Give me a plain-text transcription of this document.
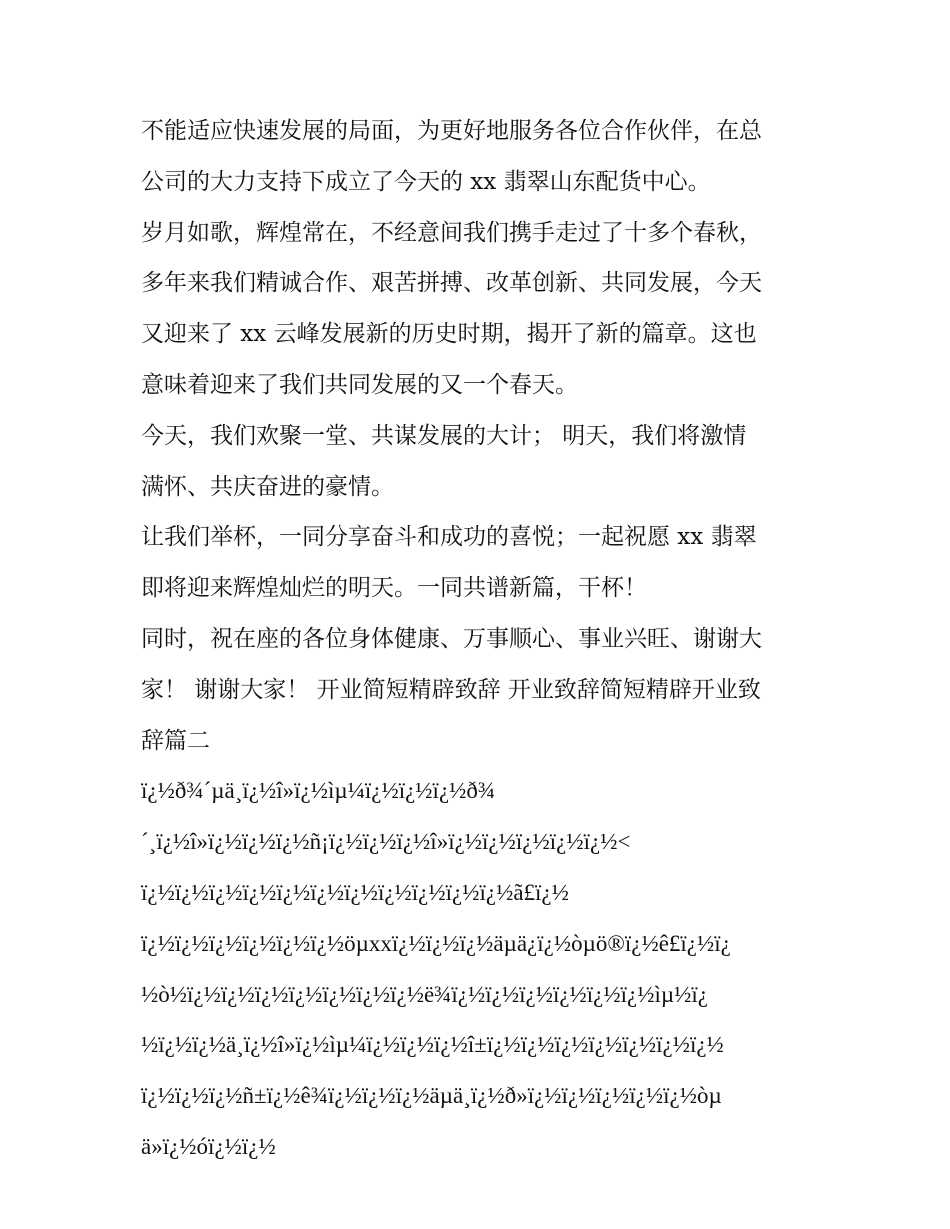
不能适应快速发展的局面，为更好地服务各位合作伙伴，在总
公司的大力支持下成立了今天的 xx 翡翠山东配货中心。
岁月如歌，辉煌常在，不经意间我们携手走过了十多个春秋，
多年来我们精诚合作、艰苦拼搏、改革创新、共同发展，今天
又迎来了 xx 云峰发展新的历史时期，揭开了新的篇章。这也
意味着迎来了我们共同发展的又一个春天。
今天，我们欢聚一堂、共谋发展的大计； 明天，我们将激情
满怀、共庆奋进的豪情。
让我们举杯，一同分享奋斗和成功的喜悦；一起祝愿 xx 翡翠
即将迎来辉煌灿烂的明天。一同共谱新篇，干杯！
同时，祝在座的各位身体健康、万事顺心、事业兴旺、谢谢大
家！ 谢谢大家！ 开业简短精辟致辞 开业致辞简短精辟开业致
辞篇二
ï¿½ð¾´µä¸ï¿½î»ï¿½ìµ¼ï¿½ï¿½ï¿½ð¾
´¸ï¿½î»ï¿½ï¿½ï¿½ñ¡ï¿½ï¿½ï¿½î»ï¿½ï¿½ï¿½ï¿½ï¿½<
ï¿½ï¿½ï¿½ï¿½ï¿½ï¿½ï¿½ï¿½ï¿½ï¿½ï¿½ã£ï¿½
ï¿½ï¿½ï¿½ï¿½ï¿½ï¿½öµxxï¿½ï¿½ï¿½äµä¿ï¿½òµö®ï¿½ê£ï¿½ï¿
½ò½ï¿½ï¿½ï¿½ï¿½ï¿½ï¿½ï¿½ë¾ï¿½ï¿½ï¿½ï¿½ï¿½ï¿½ìµ½ï¿
½ï¿½ï¿½ä¸ï¿½î»ï¿½ìµ¼ï¿½ï¿½ï¿½î±ï¿½ï¿½ï¿½ï¿½ï¿½ï¿½ï¿½
ï¿½ï¿½ï¿½ñ±ï¿½ê¾ï¿½ï¿½ï¿½äµä¸ï¿½ð»ï¿½ï¿½ï¿½ï¿½ï¿½òµ
ä»ï¿½óï¿½ï¿½
